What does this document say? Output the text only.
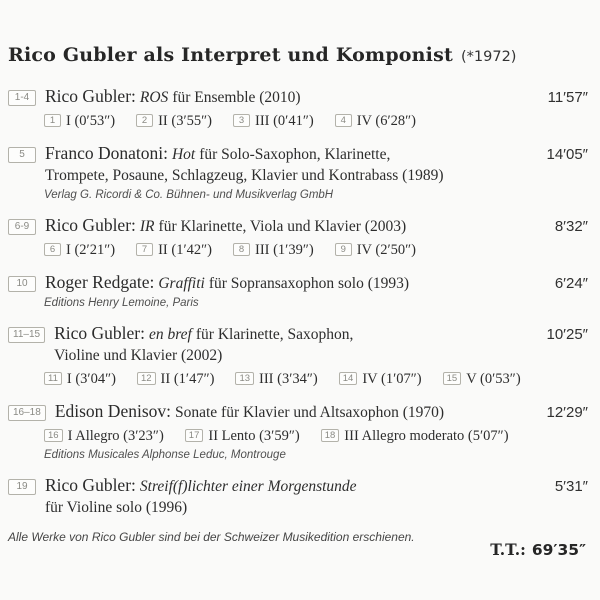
Rico Gubler als Interpret und Komponist (*1972)
1-4 Rico Gubler: ROS für Ensemble (2010)	11′57″
1 I (0′53″)
	2 II (3′55″)
	3 III (0′41″)
	4 IV (6′28″)
5	Franco Donatoni: Hot für Solo-Saxophon, Klarinette,
Trompete, Posaune, Schlagzeug, Klavier und Kontrabass (1989)
14′05″
Verlag G. Ricordi & Co. Bühnen- und Musikverlag GmbH
6-9 Rico Gubler: IR für Klarinette, Viola und Klavier (2003)	8′32″
6 I (2′21″)
	7 II (1′42″)
	8 III (1′39″)
	9 IV (2′50″)
10 Roger Redgate: Graffiti für Sopransaxophon solo (1993)	6′24″
Editions Henry Lemoine, Paris
11–15 Rico Gubler: en bref für Klarinette, Saxophon,
Violine und Klavier (2002)
10′25″
11 I (3′04″)
	12 II (1′47″)
	13 III (3′34″)
	14 IV (1′07″)
	15 V (0′53″)
16–18 Edison Denisov: Sonate für Klavier und Altsaxophon (1970)	12′29″
16 I Allegro (3′23″)
	17 II Lento (3′59″)
	18 III Allegro moderato (5′07″)
Editions Musicales Alphonse Leduc, Montrouge
19 Rico Gubler: Streif(f)lichter einer Morgenstunde
für Violine solo (1996)
5′31″
Alle Werke von Rico Gubler sind bei der Schweizer Musikedition erschienen.
T.T.: 69′35″
